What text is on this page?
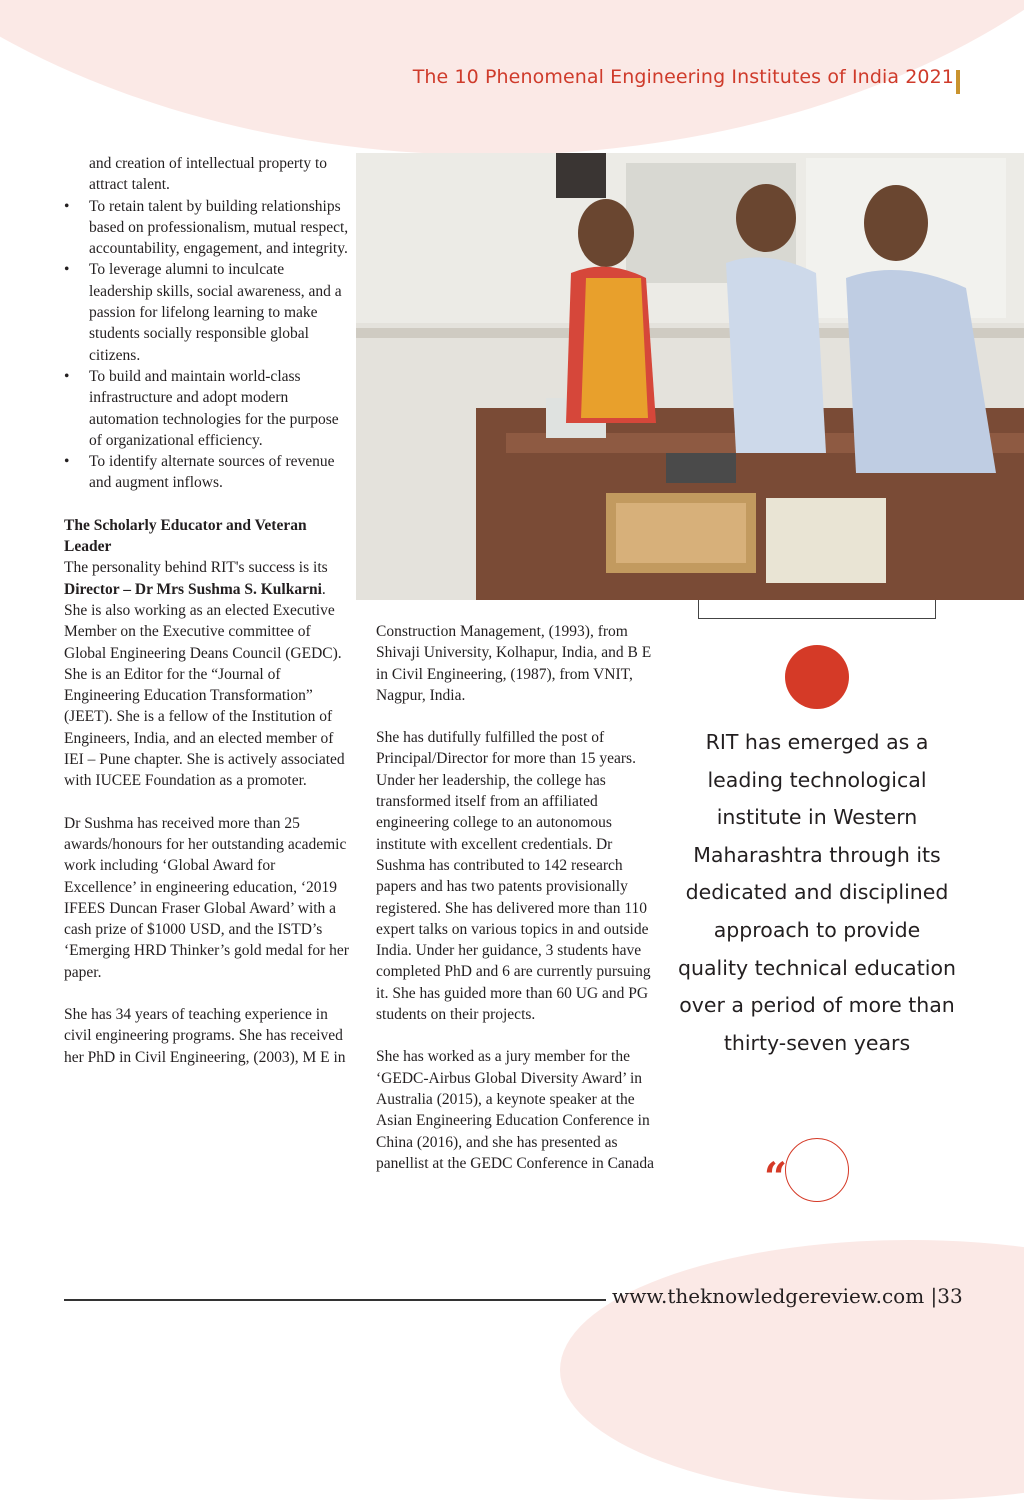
The 10 Phenomenal Engineering Institutes of India 2021

and creation of intellectual property to attract talent.

• To retain talent by building relationships based on professionalism, mutual respect, accountability, engagement, and integrity.
• To leverage alumni to inculcate leadership skills, social awareness, and a passion for lifelong learning to make students socially responsible global citizens.
• To build and maintain world-class infrastructure and adopt modern automation technologies for the purpose of organizational efficiency.
• To identify alternate sources of revenue and augment inflows.

The Scholarly Educator and Veteran Leader

The personality behind RIT's success is its Director – Dr Mrs Sushma S. Kulkarni. She is also working as an elected Executive Member on the Executive committee of Global Engineering Deans Council (GEDC). She is an Editor for the “Journal of Engineering Education Transformation” (JEET). She is a fellow of the Institution of Engineers, India, and an elected member of IEI – Pune chapter. She is actively associated with IUCEE Foundation as a promoter.

Dr Sushma has received more than 25 awards/honours for her outstanding academic work including ‘Global Award for Excellence’ in engineering education, ‘2019 IFEES Duncan Fraser Global Award’ with a cash prize of $1000 USD, and the ISTD’s ‘Emerging HRD Thinker’s gold medal for her paper.

She has 34 years of teaching experience in civil engineering programs. She has received her PhD in Civil Engineering, (2003), M E in

Construction Management, (1993), from Shivaji University, Kolhapur, India, and B E in Civil Engineering, (1987), from VNIT, Nagpur, India.

She has dutifully fulfilled the post of Principal/Director for more than 15 years. Under her leadership, the college has transformed itself from an affiliated engineering college to an autonomous institute with excellent credentials. Dr Sushma has contributed to 142 research papers and has two patents provisionally registered. She has delivered more than 110 expert talks on various topics in and outside India. Under her guidance, 3 students have completed PhD and 6 are currently pursuing it. She has guided more than 60 UG and PG students on their projects.

She has worked as a jury member for the ‘GEDC-Airbus Global Diversity Award’ in Australia (2015), a keynote speaker at the Asian Engineering Education Conference in China (2016), and she has presented as panellist at the GEDC Conference in Canada

RIT has emerged as a leading technological institute in Western Maharashtra through its dedicated and disciplined approach to provide quality technical education over a period of more than thirty-seven years
“
www.theknowledgereview.com |33
